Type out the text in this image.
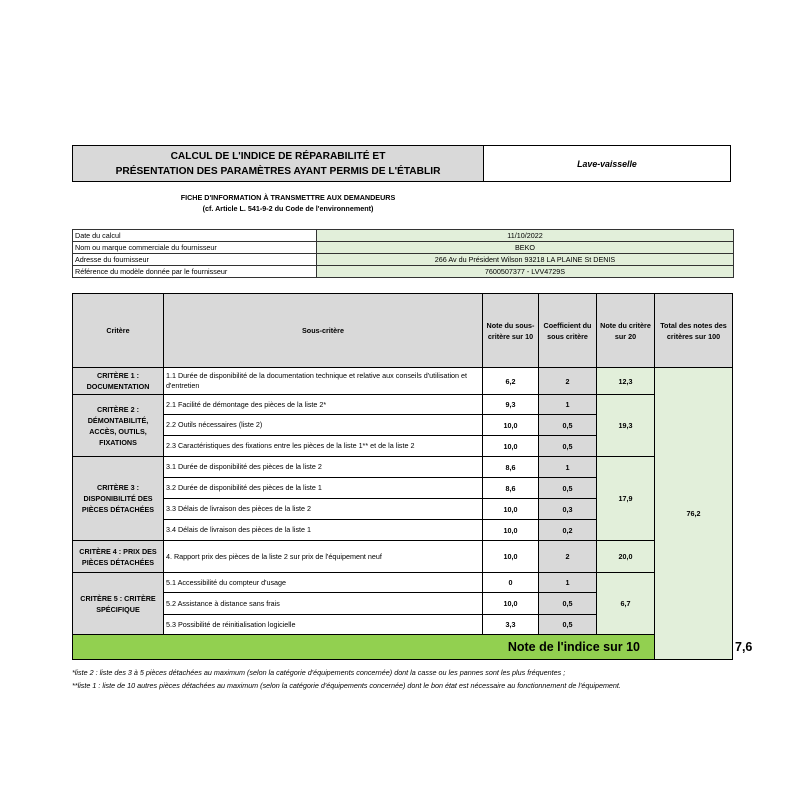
CALCUL DE L'INDICE DE RÉPARABILITÉ ET
PRÉSENTATION DES PARAMÈTRES AYANT PERMIS DE L'ÉTABLIR
Lave-vaisselle
FICHE D'INFORMATION À TRANSMETTRE AUX DEMANDEURS
(cf. Article L. 541-9-2 du Code de l'environnement)
Date du calcul	11/10/2022
Nom ou marque commerciale du fournisseur	BEKO
Adresse du fournisseur	266 Av du Président Wilson 93218 LA PLAINE St DENIS
Référence du modèle donnée par le fournisseur	7600507377 - LVV4729S
Critère	Sous-critère	Note du sous-critère sur 10	Coefficient du sous critère	Note du critère sur 20	Total des notes des critères sur 100	
CRITÈRE 1 : DOCUMENTATION	1.1 Durée de disponibilité de la documentation technique et relative aux conseils d'utilisation et d'entretien	6,2	2	12,3	76,2	
CRITÈRE 2 : DÉMONTABILITÉ, ACCÈS, OUTILS, FIXATIONS	2.1 Facilité de démontage des pièces de la liste 2*	9,3	1	19,3		
	2.2 Outils nécessaires (liste 2)	10,0	0,5			
	2.3 Caractéristiques des fixations entre les pièces de la liste 1** et de la liste 2	10,0	0,5			
CRITÈRE 3 : DISPONIBILITÉ DES PIÈCES DÉTACHÉES	3.1 Durée de disponibilité des pièces de la liste 2	8,6	1	17,9		
	3.2 Durée de disponibilité des pièces de la liste 1	8,6	0,5			
	3.3 Délais de livraison des pièces de la liste 2	10,0	0,3			
	3.4 Délais de livraison des pièces de la liste 1	10,0	0,2			
CRITÈRE 4 : PRIX DES PIÈCES DÉTACHÉES	4. Rapport prix des pièces de la liste 2 sur prix de l'équipement neuf	10,0	2	20,0		
CRITÈRE 5 : CRITÈRE SPÉCIFIQUE	5.1 Accessibilité du compteur d'usage	0	1	6,7		
	5.2 Assistance à distance sans frais	10,0	0,5			
	5.3 Possibilité de réinitialisation logicielle	3,3	0,5			
Note de l'indice sur 10						7,6

*liste 2 : liste des 3 à 5 pièces détachées au maximum (selon la catégorie d'équipements concernée) dont la casse ou les pannes sont les plus fréquentes ;

**liste 1 : liste de 10 autres pièces détachées au maximum (selon la catégorie d'équipements concernée) dont le bon état est nécessaire au fonctionnement de l'équipement.
